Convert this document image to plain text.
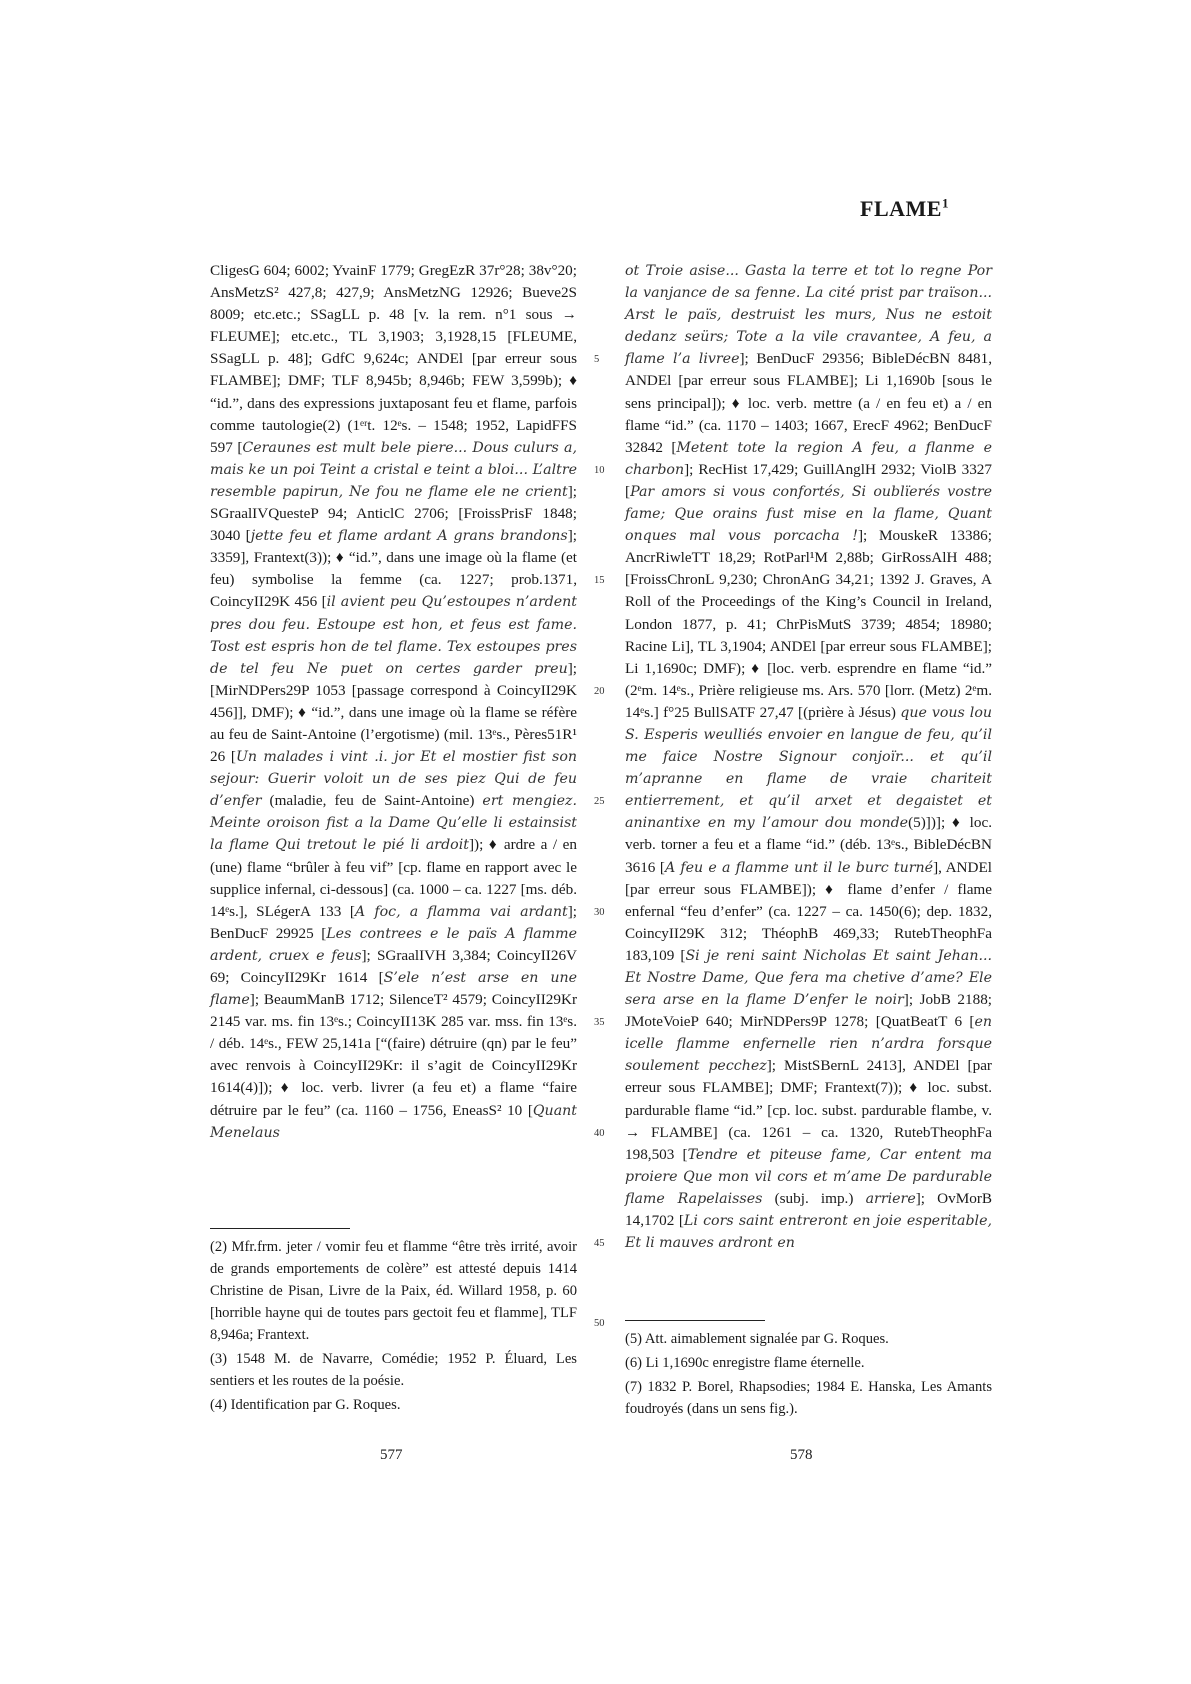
FLAME$^1$

CligesG 604; 6002; YvainF 1779; GregEzR 37r°28; 38v°20; AnsMetzS² 427,8; 427,9; AnsMetzNG 12926; Bueve2S 8009; etc.etc.; SSagLL p. 48 [v. la rem. n°1 sous → FLEUME]; etc.etc., TL 3,1903; 3,1928,15 [FLEUME, SSagLL p. 48]; GdfC 9,624c; ANDEl [par erreur sous FLAMBE]; DMF; TLF 8,945b; 8,946b; FEW 3,599b); ♦ “id.”, dans des expressions juxtaposant feu et flame, parfois comme tautologie(2) (1ᵉʳt. 12ᵉs. – 1548; 1952, LapidFFS 597 [Ceraunes est mult bele piere... Dous culurs a, mais ke un poi Teint a cristal e teint a bloi... L’altre resemble papirun, Ne fou ne flame ele ne crient]; SGraalIVQuesteP 94; AnticlC 2706; [FroissPrisF 1848; 3040 [jette feu et flame ardant A grans brandons]; 3359], Frantext(3)); ♦ “id.”, dans une image où la flame (et feu) symbolise la femme (ca. 1227; prob.1371, CoincyII29K 456 [il avient peu Qu’estoupes n’ardent pres dou feu. Estoupe est hon, et feus est fame. Tost est espris hon de tel flame. Tex estoupes pres de tel feu Ne puet on certes garder preu]; [MirNDPers29P 1053 [passage correspond à CoincyII29K 456]], DMF); ♦ “id.”, dans une image où la flame se réfère au feu de Saint-Antoine (l’ergotisme) (mil. 13ᵉs., Pères51R¹ 26 [Un malades i vint .i. jor Et el mostier fist son sejour: Guerir voloit un de ses piez Qui de feu d’enfer (maladie, feu de Saint-Antoine) ert mengiez. Meinte oroison fist a la Dame Qu’elle li estainsist la flame Qui tretout le pié li ardoit]); ♦ ardre a / en (une) flame “brûler à feu vif” [cp. flame en rapport avec le supplice infernal, ci-dessous] (ca. 1000 – ca. 1227 [ms. déb. 14ᵉs.], SLégerA 133 [A foc, a flamma vai ardant]; BenDucF 29925 [Les contrees e le païs A flamme ardent, cruex e feus]; SGraalIVH 3,384; CoincyII26V 69; CoincyII29Kr 1614 [S’ele n’est arse en une flame]; BeaumManB 1712; SilenceT² 4579; CoincyII29Kr 2145 var. ms. fin 13ᵉs.; CoincyII13K 285 var. mss. fin 13ᵉs. / déb. 14ᵉs., FEW 25,141a [“(faire) détruire (qn) par le feu” avec renvois à CoincyII29Kr: il s’agit de CoincyII29Kr 1614(4)]); ♦ loc. verb. livrer (a feu et) a flame “faire détruire par le feu” (ca. 1160 – 1756, EneasS² 10 [Quant Menelaus

ot Troie asise... Gasta la terre et tot lo regne Por la vanjance de sa fenne. La cité prist par traïson... Arst le païs, destruist les murs, Nus ne estoit dedanz seürs; Tote a la vile cravantee, A feu, a flame l’a livree]; BenDucF 29356; BibleDécBN 8481, ANDEl [par erreur sous FLAMBE]; Li 1,1690b [sous le sens principal]); ♦ loc. verb. mettre (a / en feu et) a / en flame “id.” (ca. 1170 – 1403; 1667, ErecF 4962; BenDucF 32842 [Metent tote la region A feu, a flanme e charbon]; RecHist 17,429; GuillAnglH 2932; ViolB 3327 [Par amors si vous confortés, Si oublïerés vostre fame; Que orains fust mise en la flame, Quant onques mal vous porcacha !]; MouskeR 13386; AncrRiwleTT 18,29; RotParl¹M 2,88b; GirRossAlH 488; [FroissChronL 9,230; ChronAnG 34,21; 1392 J. Graves, A Roll of the Proceedings of the King’s Council in Ireland, London 1877, p. 41; ChrPisMutS 3739; 4854; 18980; Racine Li], TL 3,1904; ANDEl [par erreur sous FLAMBE]; Li 1,1690c; DMF); ♦ [loc. verb. esprendre en flame “id.” (2ᵉm. 14ᵉs., Prière religieuse ms. Ars. 570 [lorr. (Metz) 2ᵉm. 14ᵉs.] f°25 BullSATF 27,47 [(prière à Jésus) que vous lou S. Esperis weulliés envoier en langue de feu, qu’il me faice Nostre Signour conjoïr... et qu’il m’apranne en flame de vraie chariteit entierrement, et qu’il arxet et degaistet et aninantixe en my l’amour dou monde(5)])]; ♦ loc. verb. torner a feu et a flame “id.” (déb. 13ᵉs., BibleDécBN 3616 [A feu e a flamme unt il le burc turné], ANDEl [par erreur sous FLAMBE]); ♦ flame d’enfer / flame enfernal “feu d’enfer” (ca. 1227 – ca. 1450(6); dep. 1832, CoincyII29K 312; ThéophB 469,33; RutebTheophFa 183,109 [Si je reni saint Nicholas Et saint Jehan... Et Nostre Dame, Que fera ma chetive d’ame? Ele sera arse en la flame D’enfer le noir]; JobB 2188; JMoteVoieP 640; MirNDPers9P 1278; [QuatBeatT 6 [en icelle flamme enfernelle rien n’ardra forsque soulement pecchez]; MistSBernL 2413], ANDEl [par erreur sous FLAMBE]; DMF; Frantext(7)); ♦ loc. subst. pardurable flame “id.” [cp. loc. subst. pardurable flambe, v. → FLAMBE] (ca. 1261 – ca. 1320, RutebTheophFa 198,503 [Tendre et piteuse fame, Car entent ma proiere Que mon vil cors et m’ame De pardurable flame Rapelaisses (subj. imp.) arriere]; OvMorB 14,1702 [Li cors saint entreront en joie esperitable, Et li mauves ardront en

5
10
15
20
25
30
35
40
45
50

(2) Mfr.frm. jeter / vomir feu et flamme “être très irrité, avoir de grands emportements de colère” est attesté depuis 1414 Christine de Pisan, Livre de la Paix, éd. Willard 1958, p. 60 [horrible hayne qui de toutes pars gectoit feu et flamme], TLF 8,946a; Frantext.

(3) 1548 M. de Navarre, Comédie; 1952 P. Éluard, Les sentiers et les routes de la poésie.

(4) Identification par G. Roques.

(5) Att. aimablement signalée par G. Roques.

(6) Li 1,1690c enregistre flame éternelle.

(7) 1832 P. Borel, Rhapsodies; 1984 E. Hanska, Les Amants foudroyés (dans un sens fig.).

577	578
